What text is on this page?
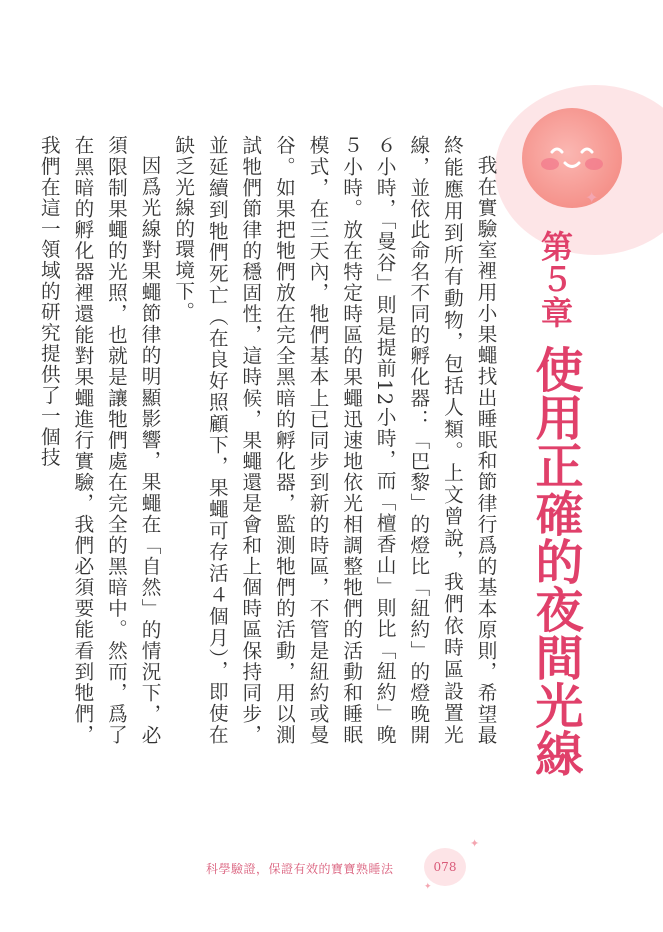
✦
✦
✦
第５章 使用正確的夜間光線

我在實驗室裡用小果蠅找出睡眠和節律行爲的基本原則，希望最終能應用到所有動物，包括人類。上文曾說，我們依時區設置光線，並依此命名不同的孵化器：「巴黎」的燈比「紐約」的燈晚開６小時，「曼谷」則是提前12小時，而「檀香山」則比「紐約」晚５小時。放在特定時區的果蠅迅速地依光相調整牠們的活動和睡眠模式，在三天內，牠們基本上已同步到新的時區，不管是紐約或曼谷。如果把牠們放在完全黑暗的孵化器，監測牠們的活動，用以測試牠們節律的穩固性，這時候，果蠅還是會和上個時區保持同步，並延續到牠們死亡（在良好照顧下，果蠅可存活４個月），即使在缺乏光線的環境下。

因爲光線對果蠅節律的明顯影響，果蠅在「自然」的情況下，必須限制果蠅的光照，也就是讓牠們處在完全的黑暗中。然而，爲了在黑暗的孵化器裡還能對果蠅進行實驗，我們必須要能看到牠們，我們在這一領域的研究提供了一個技

科學驗證，保證有效的寶寶熟睡法	078
